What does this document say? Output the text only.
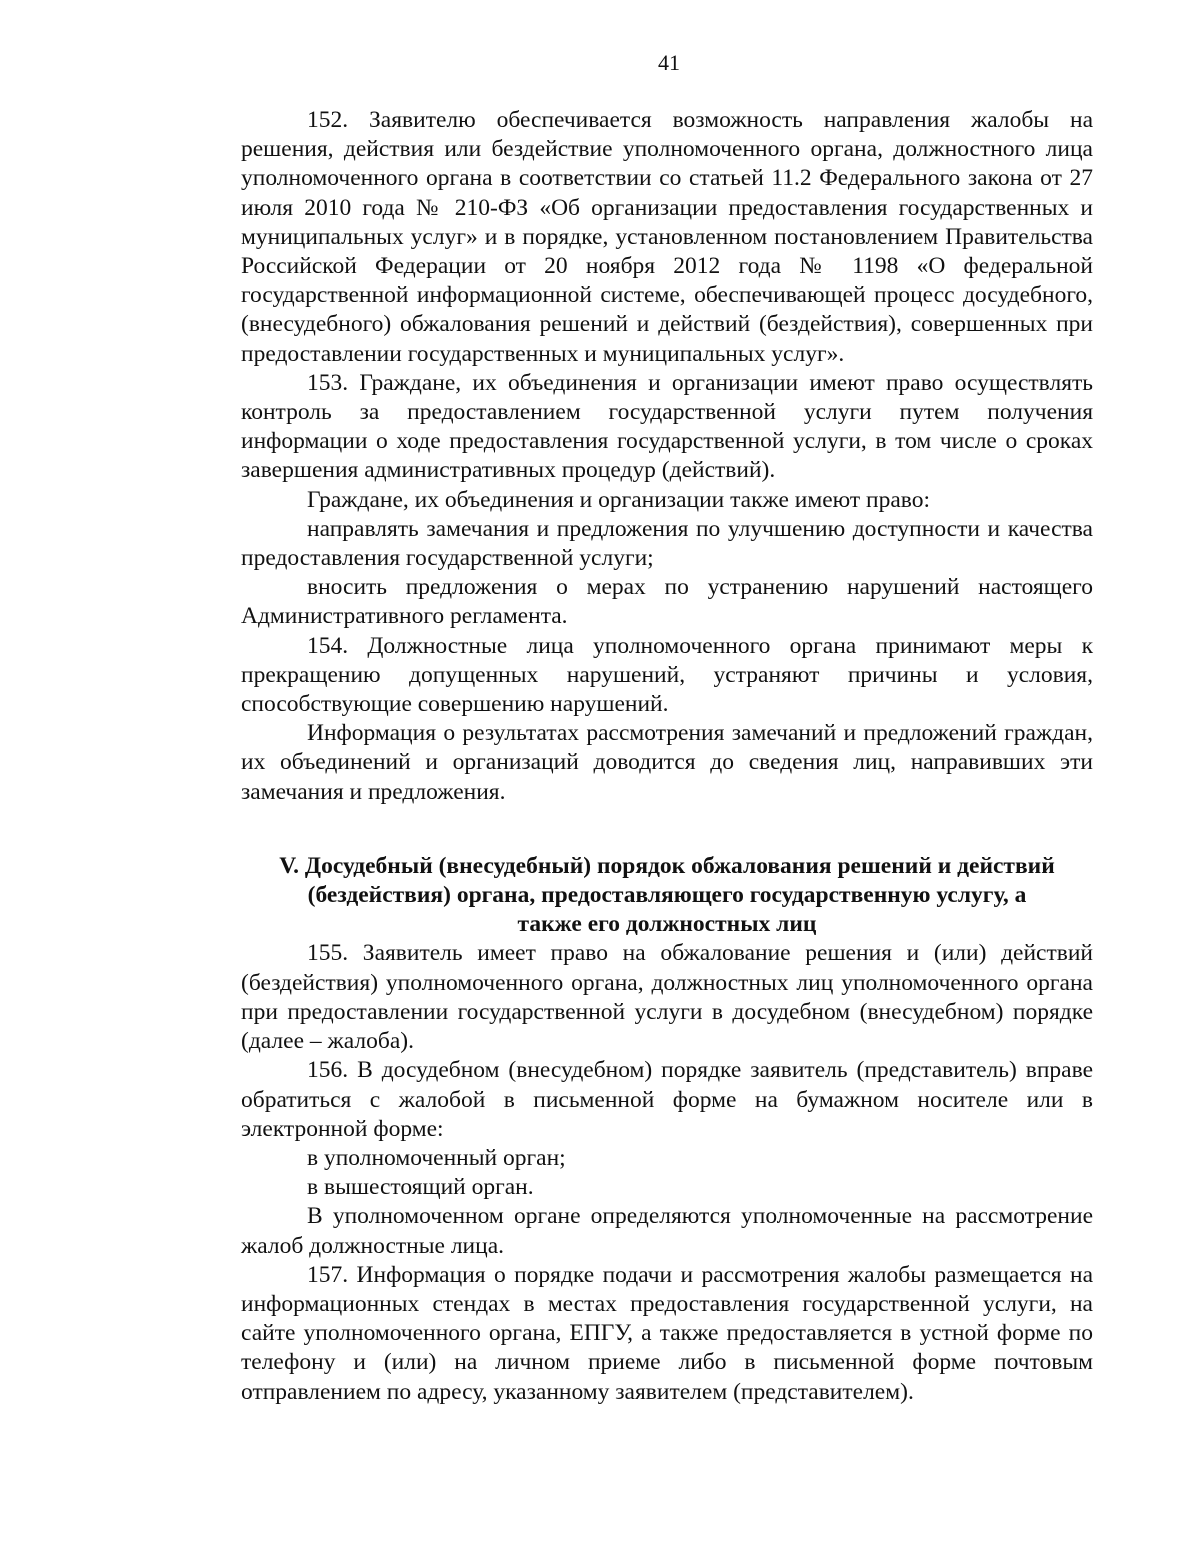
41

152. Заявителю обеспечивается возможность направления жалобы на решения, действия или бездействие уполномоченного органа, должностного лица уполномоченного органа в соответствии со статьей 11.2 Федерального закона от 27 июля 2010 года № 210-ФЗ «Об организации предоставления государственных и муниципальных услуг» и в порядке, установленном постановлением Правительства Российской Федерации от 20 ноября 2012 года № 1198 «О федеральной государственной информационной системе, обеспечивающей процесс досудебного, (внесудебного) обжалования решений и действий (бездействия), совершенных при предоставлении государственных и муниципальных услуг».

153. Граждане, их объединения и организации имеют право осуществлять контроль за предоставлением государственной услуги путем получения информации о ходе предоставления государственной услуги, в том числе о сроках завершения административных процедур (действий).

Граждане, их объединения и организации также имеют право:

направлять замечания и предложения по улучшению доступности и качества предоставления государственной услуги;

вносить предложения о мерах по устранению нарушений настоящего Административного регламента.

154. Должностные лица уполномоченного органа принимают меры к прекращению допущенных нарушений, устраняют причины и условия, способствующие совершению нарушений.

Информация о результатах рассмотрения замечаний и предложений граждан, их объединений и организаций доводится до сведения лиц, направивших эти замечания и предложения.

V. Досудебный (внесудебный) порядок обжалования решений и действий
(бездействия) органа, предоставляющего государственную услугу, а
также его должностных лиц

155. Заявитель имеет право на обжалование решения и (или) действий (бездействия) уполномоченного органа, должностных лиц уполномоченного органа при предоставлении государственной услуги в досудебном (внесудебном) порядке (далее – жалоба).

156. В досудебном (внесудебном) порядке заявитель (представитель) вправе обратиться с жалобой в письменной форме на бумажном носителе или в электронной форме:

в уполномоченный орган;

в вышестоящий орган.

В уполномоченном органе определяются уполномоченные на рассмотрение жалоб должностные лица.

157. Информация о порядке подачи и рассмотрения жалобы размещается на информационных стендах в местах предоставления государственной услуги, на сайте уполномоченного органа, ЕПГУ, а также предоставляется в устной форме по телефону и (или) на личном приеме либо в письменной форме почтовым отправлением по адресу, указанному заявителем (представителем).
